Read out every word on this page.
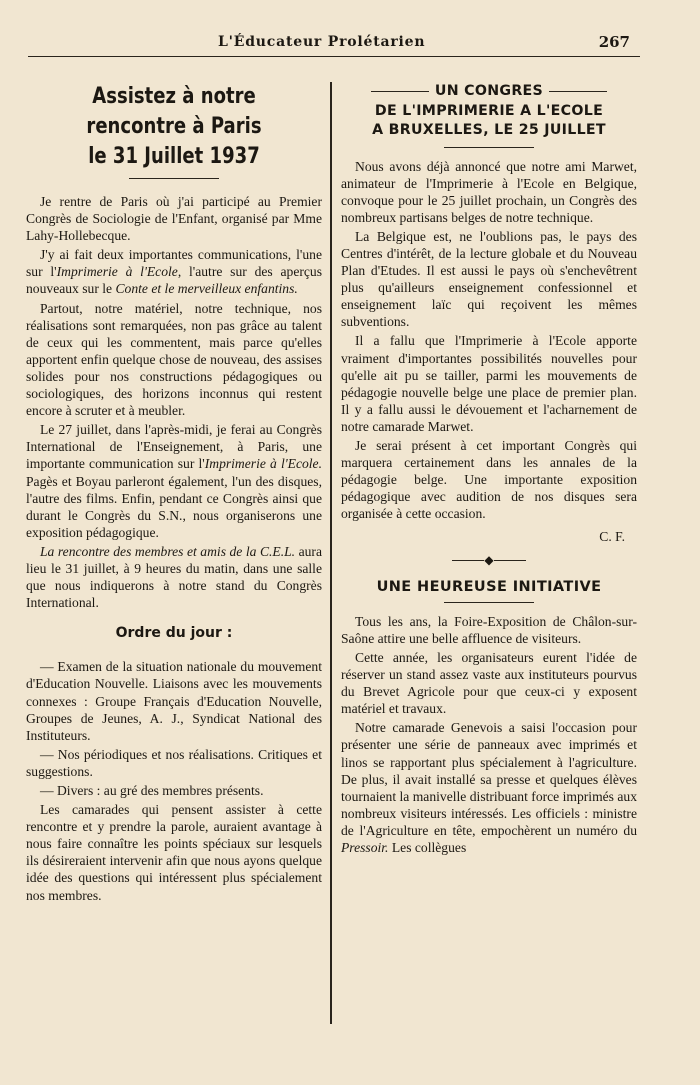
L'Éducateur Prolétarien	267
Assistez à notre rencontre à Paris
le 31 Juillet 1937

Je rentre de Paris où j'ai participé au Premier Congrès de Sociologie de l'Enfant, organisé par Mme Lahy-Hollebecque.

J'y ai fait deux importantes communications, l'une sur l'Imprimerie à l'Ecole, l'autre sur des aperçus nouveaux sur le Conte et le merveilleux enfantins.

Partout, notre matériel, notre technique, nos réalisations sont remarquées, non pas grâce au talent de ceux qui les commentent, mais parce qu'elles apportent enfin quelque chose de nouveau, des assises solides pour nos constructions pédagogiques ou sociologiques, des horizons inconnus qui restent encore à scruter et à meubler.

Le 27 juillet, dans l'après-midi, je ferai au Congrès International de l'Enseignement, à Paris, une importante communication sur l'Imprimerie à l'Ecole. Pagès et Boyau parleront également, l'un des disques, l'autre des films. Enfin, pendant ce Congrès ainsi que durant le Congrès du S.N., nous organiserons une exposition pédagogique.

La rencontre des membres et amis de la C.E.L. aura lieu le 31 juillet, à 9 heures du matin, dans une salle que nous indiquerons à notre stand du Congrès International.

Ordre du jour :

— Examen de la situation nationale du mouvement d'Education Nouvelle. Liaisons avec les mouvements connexes : Groupe Français d'Education Nouvelle, Groupes de Jeunes, A. J., Syndicat National des Instituteurs.

— Nos périodiques et nos réalisations. Critiques et suggestions.

— Divers : au gré des membres présents.

Les camarades qui pensent assister à cette rencontre et y prendre la parole, auraient avantage à nous faire connaître les points spéciaux sur lesquels ils désireraient intervenir afin que nous ayons quelque idée des questions qui intéressent plus spécialement nos membres.

UN CONGRES
DE L'IMPRIMERIE A L'ECOLE
A BRUXELLES, LE 25 JUILLET

Nous avons déjà annoncé que notre ami Marwet, animateur de l'Imprimerie à l'Ecole en Belgique, convoque pour le 25 juillet prochain, un Congrès des nombreux partisans belges de notre technique.

La Belgique est, ne l'oublions pas, le pays des Centres d'intérêt, de la lecture globale et du Nouveau Plan d'Etudes. Il est aussi le pays où s'enchevêtrent plus qu'ailleurs enseignement confessionnel et enseignement laïc qui reçoivent les mêmes subventions.

Il a fallu que l'Imprimerie à l'Ecole apporte vraiment d'importantes possibilités nouvelles pour qu'elle ait pu se tailler, parmi les mouvements de pédagogie nouvelle belge une place de premier plan. Il y a fallu aussi le dévouement et l'acharnement de notre camarade Marwet.

Je serai présent à cet important Congrès qui marquera certainement dans les annales de la pédagogie belge. Une importante exposition pédagogique avec audition de nos disques sera organisée à cette occasion.

C. F.
◆
UNE HEUREUSE INITIATIVE

Tous les ans, la Foire-Exposition de Châlon-sur-Saône attire une belle affluence de visiteurs.

Cette année, les organisateurs eurent l'idée de réserver un stand assez vaste aux instituteurs pourvus du Brevet Agricole pour que ceux-ci y exposent matériel et travaux.

Notre camarade Genevois a saisi l'occasion pour présenter une série de panneaux avec imprimés et linos se rapportant plus spécialement à l'agriculture. De plus, il avait installé sa presse et quelques élèves tournaient la manivelle distribuant force imprimés aux nombreux visiteurs intéressés. Les officiels : ministre de l'Agriculture en tête, empochèrent un numéro du Pressoir. Les collègues
